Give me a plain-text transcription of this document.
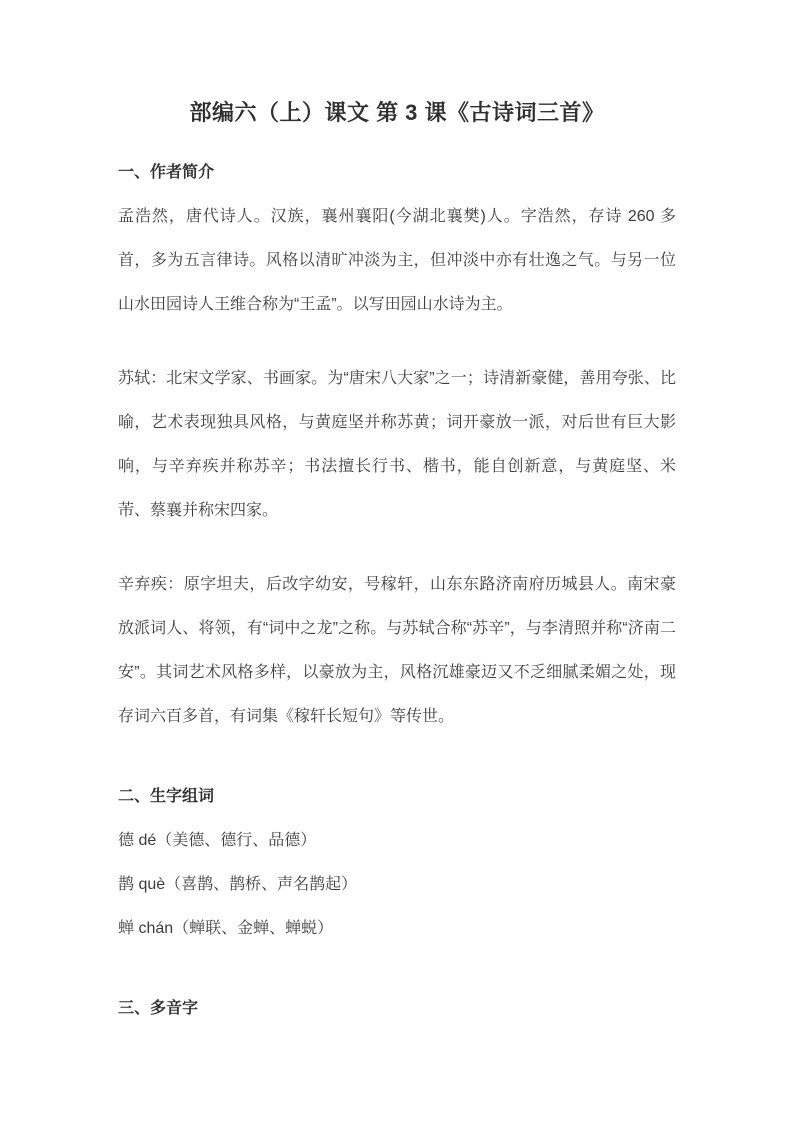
部编六（上）课文 第 3 课《古诗词三首》
一、作者简介

孟浩然，唐代诗人。汉族，襄州襄阳(今湖北襄樊)人。字浩然，存诗 260 多首，多为五言律诗。风格以清旷冲淡为主，但冲淡中亦有壮逸之气。与另一位山水田园诗人王维合称为“王孟”。以写田园山水诗为主。

苏轼：北宋文学家、书画家。为“唐宋八大家”之一；诗清新豪健，善用夸张、比喻，艺术表现独具风格，与黄庭坚并称苏黄；词开豪放一派，对后世有巨大影响，与辛弃疾并称苏辛；书法擅长行书、楷书，能自创新意，与黄庭坚、米芾、蔡襄并称宋四家。

辛弃疾：原字坦夫，后改字幼安，号稼轩，山东东路济南府历城县人。南宋豪放派词人、将领，有“词中之龙”之称。与苏轼合称“苏辛”，与李清照并称“济南二安”。其词艺术风格多样，以豪放为主，风格沉雄豪迈又不乏细腻柔媚之处，现存词六百多首，有词集《稼轩长短句》等传世。

二、生字组词

德 dé（美德、德行、品德）

鹊 què（喜鹊、鹊桥、声名鹊起）

蝉 chán（蝉联、金蝉、蝉蜕）

三、多音字
